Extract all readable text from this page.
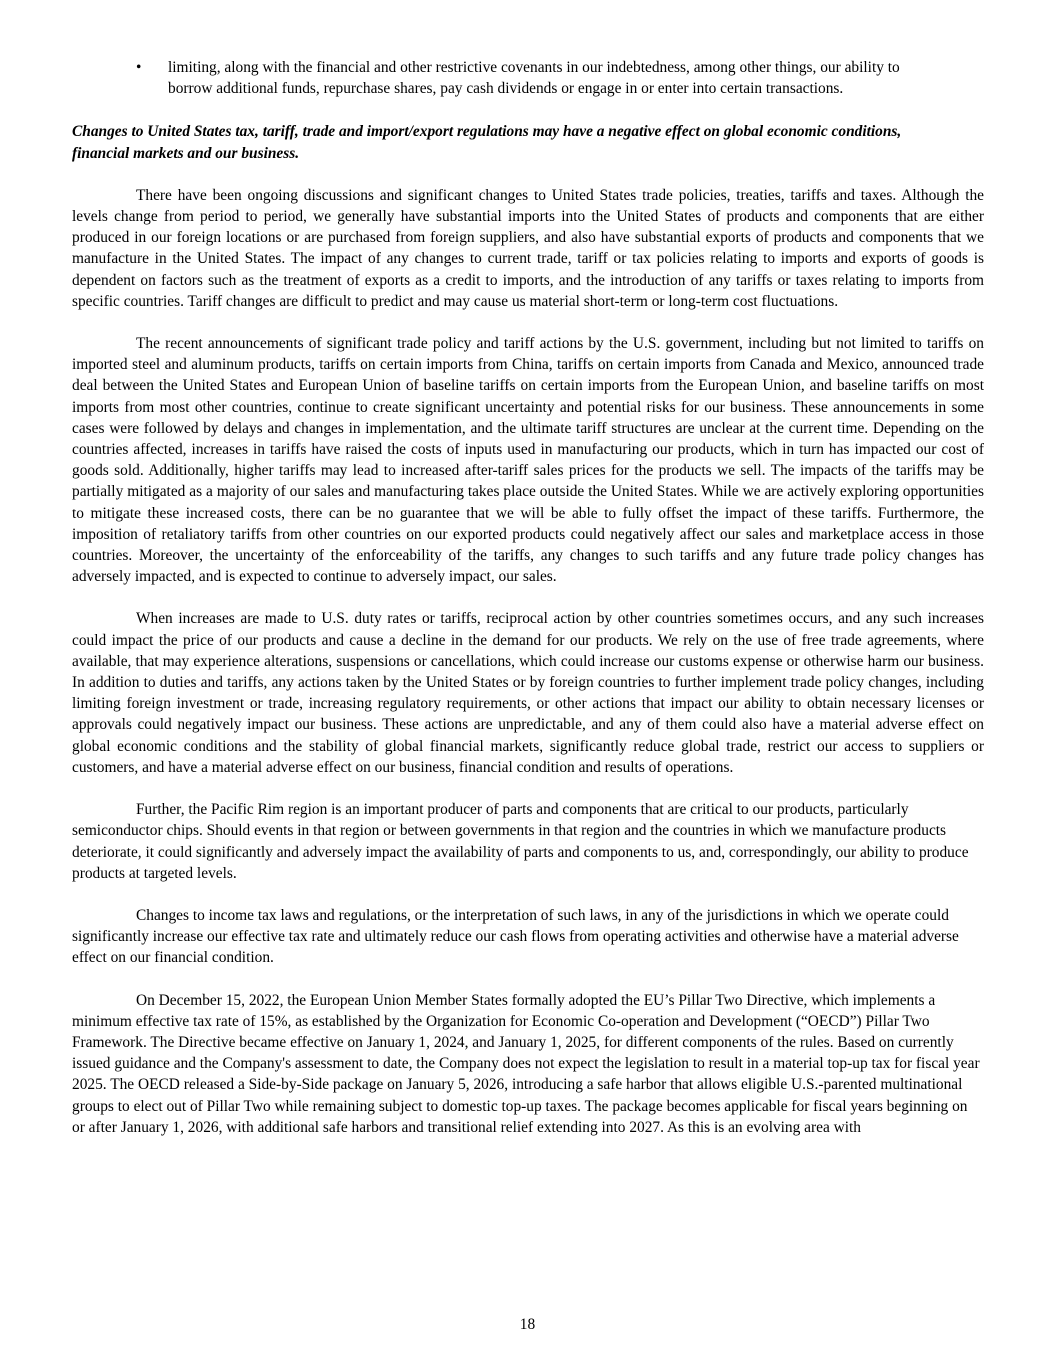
• limiting, along with the financial and other restrictive covenants in our indebtedness, among other things, our ability to borrow additional funds, repurchase shares, pay cash dividends or engage in or enter into certain transactions.
Changes to United States tax, tariff, trade and import/export regulations may have a negative effect on global economic conditions, financial markets and our business.

There have been ongoing discussions and significant changes to United States trade policies, treaties, tariffs and taxes. Although the levels change from period to period, we generally have substantial imports into the United States of products and components that are either produced in our foreign locations or are purchased from foreign suppliers, and also have substantial exports of products and components that we manufacture in the United States. The impact of any changes to current trade, tariff or tax policies relating to imports and exports of goods is dependent on factors such as the treatment of exports as a credit to imports, and the introduction of any tariffs or taxes relating to imports from specific countries. Tariff changes are difficult to predict and may cause us material short-term or long-term cost fluctuations.

The recent announcements of significant trade policy and tariff actions by the U.S. government, including but not limited to tariffs on imported steel and aluminum products, tariffs on certain imports from China, tariffs on certain imports from Canada and Mexico, announced trade deal between the United States and European Union of baseline tariffs on certain imports from the European Union, and baseline tariffs on most imports from most other countries, continue to create significant uncertainty and potential risks for our business. These announcements in some cases were followed by delays and changes in implementation, and the ultimate tariff structures are unclear at the current time. Depending on the countries affected, increases in tariffs have raised the costs of inputs used in manufacturing our products, which in turn has impacted our cost of goods sold. Additionally, higher tariffs may lead to increased after-tariff sales prices for the products we sell. The impacts of the tariffs may be partially mitigated as a majority of our sales and manufacturing takes place outside the United States. While we are actively exploring opportunities to mitigate these increased costs, there can be no guarantee that we will be able to fully offset the impact of these tariffs. Furthermore, the imposition of retaliatory tariffs from other countries on our exported products could negatively affect our sales and marketplace access in those countries. Moreover, the uncertainty of the enforceability of the tariffs, any changes to such tariffs and any future trade policy changes has adversely impacted, and is expected to continue to adversely impact, our sales.

When increases are made to U.S. duty rates or tariffs, reciprocal action by other countries sometimes occurs, and any such increases could impact the price of our products and cause a decline in the demand for our products. We rely on the use of free trade agreements, where available, that may experience alterations, suspensions or cancellations, which could increase our customs expense or otherwise harm our business. In addition to duties and tariffs, any actions taken by the United States or by foreign countries to further implement trade policy changes, including limiting foreign investment or trade, increasing regulatory requirements, or other actions that impact our ability to obtain necessary licenses or approvals could negatively impact our business. These actions are unpredictable, and any of them could also have a material adverse effect on global economic conditions and the stability of global financial markets, significantly reduce global trade, restrict our access to suppliers or customers, and have a material adverse effect on our business, financial condition and results of operations.

Further, the Pacific Rim region is an important producer of parts and components that are critical to our products, particularly semiconductor chips. Should events in that region or between governments in that region and the countries in which we manufacture products deteriorate, it could significantly and adversely impact the availability of parts and components to us, and, correspondingly, our ability to produce products at targeted levels.

Changes to income tax laws and regulations, or the interpretation of such laws, in any of the jurisdictions in which we operate could significantly increase our effective tax rate and ultimately reduce our cash flows from operating activities and otherwise have a material adverse effect on our financial condition.

On December 15, 2022, the European Union Member States formally adopted the EU’s Pillar Two Directive, which implements a minimum effective tax rate of 15%, as established by the Organization for Economic Co-operation and Development (“OECD”) Pillar Two Framework. The Directive became effective on January 1, 2024, and January 1, 2025, for different components of the rules. Based on currently issued guidance and the Company's assessment to date, the Company does not expect the legislation to result in a material top-up tax for fiscal year 2025. The OECD released a Side-by-Side package on January 5, 2026, introducing a safe harbor that allows eligible U.S.-parented multinational groups to elect out of Pillar Two while remaining subject to domestic top-up taxes. The package becomes applicable for fiscal years beginning on or after January 1, 2026, with additional safe harbors and transitional relief extending into 2027. As this is an evolving area with

18
